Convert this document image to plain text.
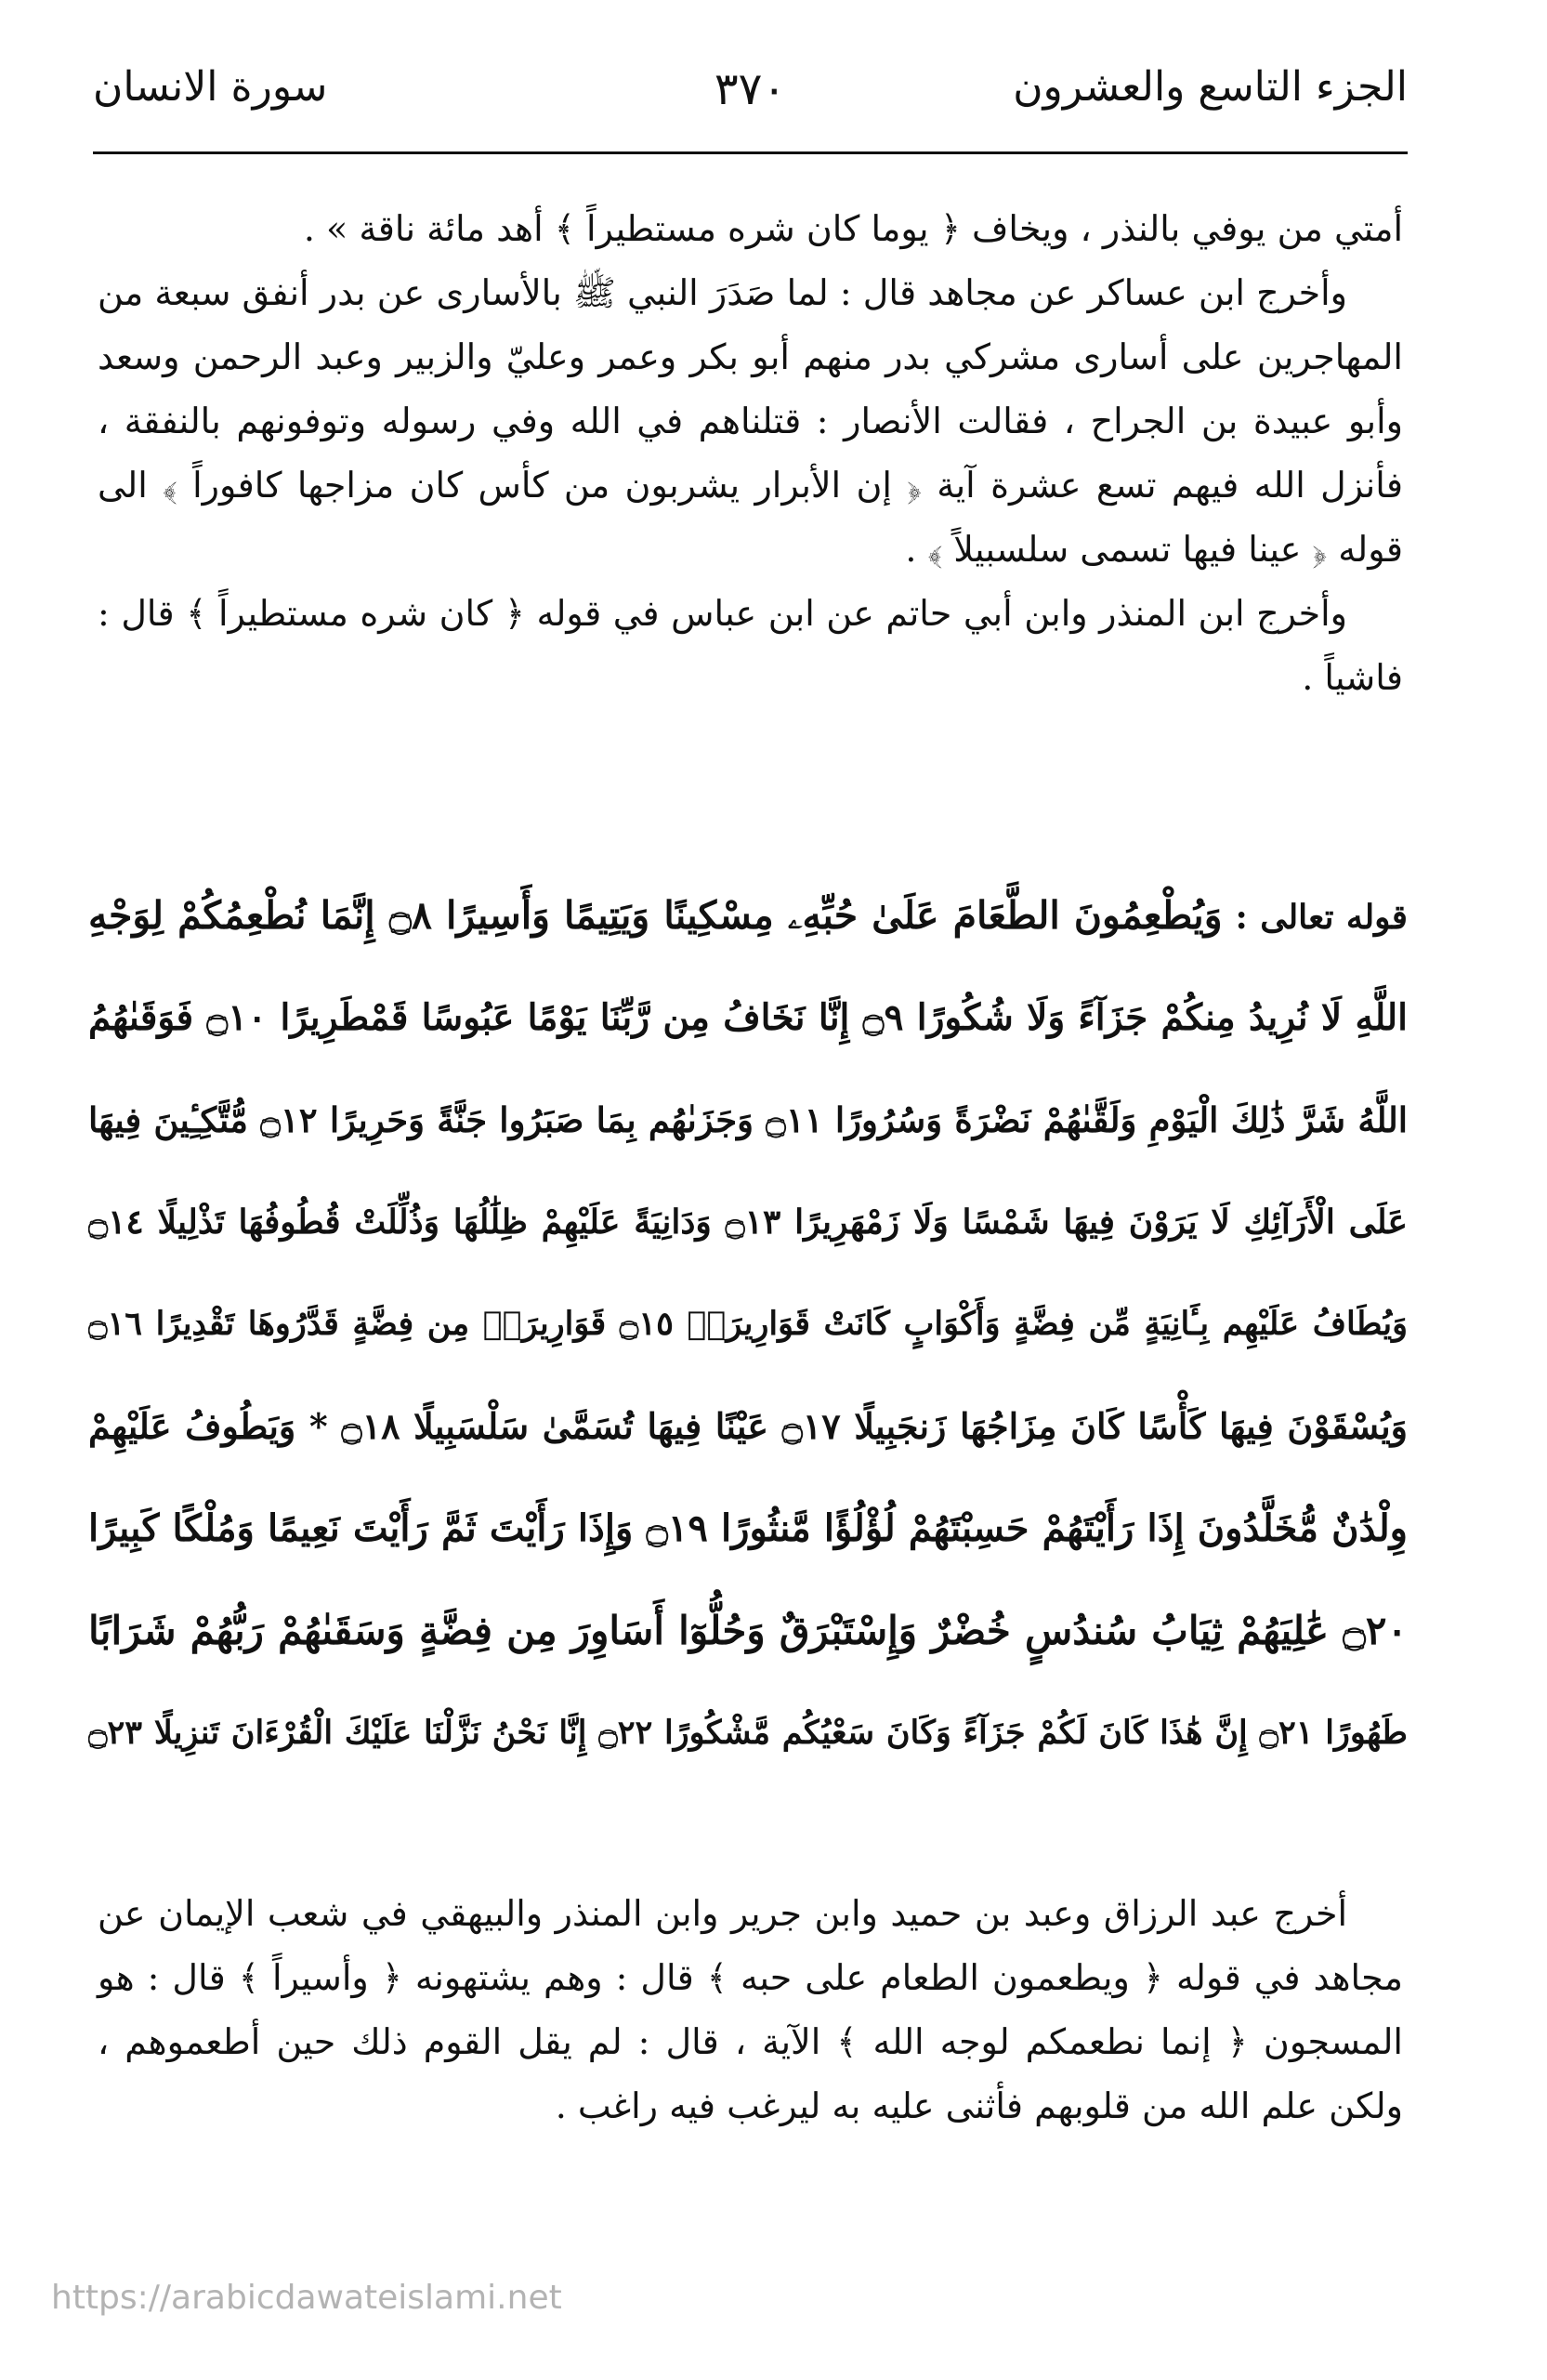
الجزء التاسع والعشرون
٣٧٠
سورة الانسان

أمتي من يوفي بالنذر ، ويخاف ﴿ يوما كان شره مستطيراً ﴾ أهد مائة ناقة » .

وأخرج ابن عساكر عن مجاهد قال : لما صَدَرَ النبي ﷺ بالأسارى عن بدر أنفق سبعة من المهاجرين على أسارى مشركي بدر منهم أبو بكر وعمر وعليّ والزبير وعبد الرحمن وسعد وأبو عبيدة بن الجراح ، فقالت الأنصار : قتلناهم في الله وفي رسوله وتوفونهم بالنفقة ، فأنزل الله فيهم تسع عشرة آية ﴿ إن الأبرار يشربون من كأس كان مزاجها كافوراً ﴾ الى قوله ﴿ عينا فيها تسمى سلسبيلاً ﴾ .

وأخرج ابن المنذر وابن أبي حاتم عن ابن عباس في قوله ﴿ كان شره مستطيراً ﴾ قال : فاشياً .

قوله تعالى :وَيُطْعِمُونَ الطَّعَامَ عَلَىٰ حُبِّهِۦ مِسْكِينًا وَيَتِيمًا وَأَسِيرًا ۝٨ إِنَّمَا نُطْعِمُكُمْ لِوَجْهِ
اللَّهِ لَا نُرِيدُ مِنكُمْ جَزَآءً وَلَا شُكُورًا ۝٩ إِنَّا نَخَافُ مِن رَّبِّنَا يَوْمًا عَبُوسًا قَمْطَرِيرًا ۝١٠ فَوَقَىٰهُمُ
اللَّهُ شَرَّ ذَٰلِكَ الْيَوْمِ وَلَقَّىٰهُمْ نَضْرَةً وَسُرُورًا ۝١١ وَجَزَىٰهُم بِمَا صَبَرُوا جَنَّةً وَحَرِيرًا ۝١٢ مُّتَّكِـِٔينَ فِيهَا
عَلَى الْأَرَآئِكِ لَا يَرَوْنَ فِيهَا شَمْسًا وَلَا زَمْهَرِيرًا ۝١٣ وَدَانِيَةً عَلَيْهِمْ ظِلَٰلُهَا وَذُلِّلَتْ قُطُوفُهَا تَذْلِيلًا ۝١٤
وَيُطَافُ عَلَيْهِم بِـَٔانِيَةٍ مِّن فِضَّةٍ وَأَكْوَابٍ كَانَتْ قَوَارِيرَا۠ ۝١٥ قَوَارِيرَا۟ مِن فِضَّةٍ قَدَّرُوهَا تَقْدِيرًا ۝١٦
وَيُسْقَوْنَ فِيهَا كَأْسًا كَانَ مِزَاجُهَا زَنجَبِيلًا ۝١٧ عَيْنًا فِيهَا تُسَمَّىٰ سَلْسَبِيلًا ۝١٨ * وَيَطُوفُ عَلَيْهِمْ
وِلْدَٰنٌ مُّخَلَّدُونَ إِذَا رَأَيْتَهُمْ حَسِبْتَهُمْ لُؤْلُؤًا مَّنثُورًا ۝١٩ وَإِذَا رَأَيْتَ ثَمَّ رَأَيْتَ نَعِيمًا وَمُلْكًا كَبِيرًا
۝٢٠ عَٰلِيَهُمْ ثِيَابُ سُندُسٍ خُضْرٌ وَإِسْتَبْرَقٌ وَحُلُّوٓا أَسَاوِرَ مِن فِضَّةٍ وَسَقَىٰهُمْ رَبُّهُمْ شَرَابًا
طَهُورًا ۝٢١ إِنَّ هَٰذَا كَانَ لَكُمْ جَزَآءً وَكَانَ سَعْيُكُم مَّشْكُورًا ۝٢٢ إِنَّا نَحْنُ نَزَّلْنَا عَلَيْكَ الْقُرْءَانَ تَنزِيلًا ۝٢٣

أخرج عبد الرزاق وعبد بن حميد وابن جرير وابن المنذر والبيهقي في شعب الإيمان عن مجاهد في قوله ﴿ ويطعمون الطعام على حبه ﴾ قال : وهم يشتهونه ﴿ وأسيراً ﴾ قال : هو المسجون ﴿ إنما نطعمكم لوجه الله ﴾ الآية ، قال : لم يقل القوم ذلك حين أطعموهم ، ولكن علم الله من قلوبهم فأثنى عليه به ليرغب فيه راغب .

https://arabicdawateislami.net
